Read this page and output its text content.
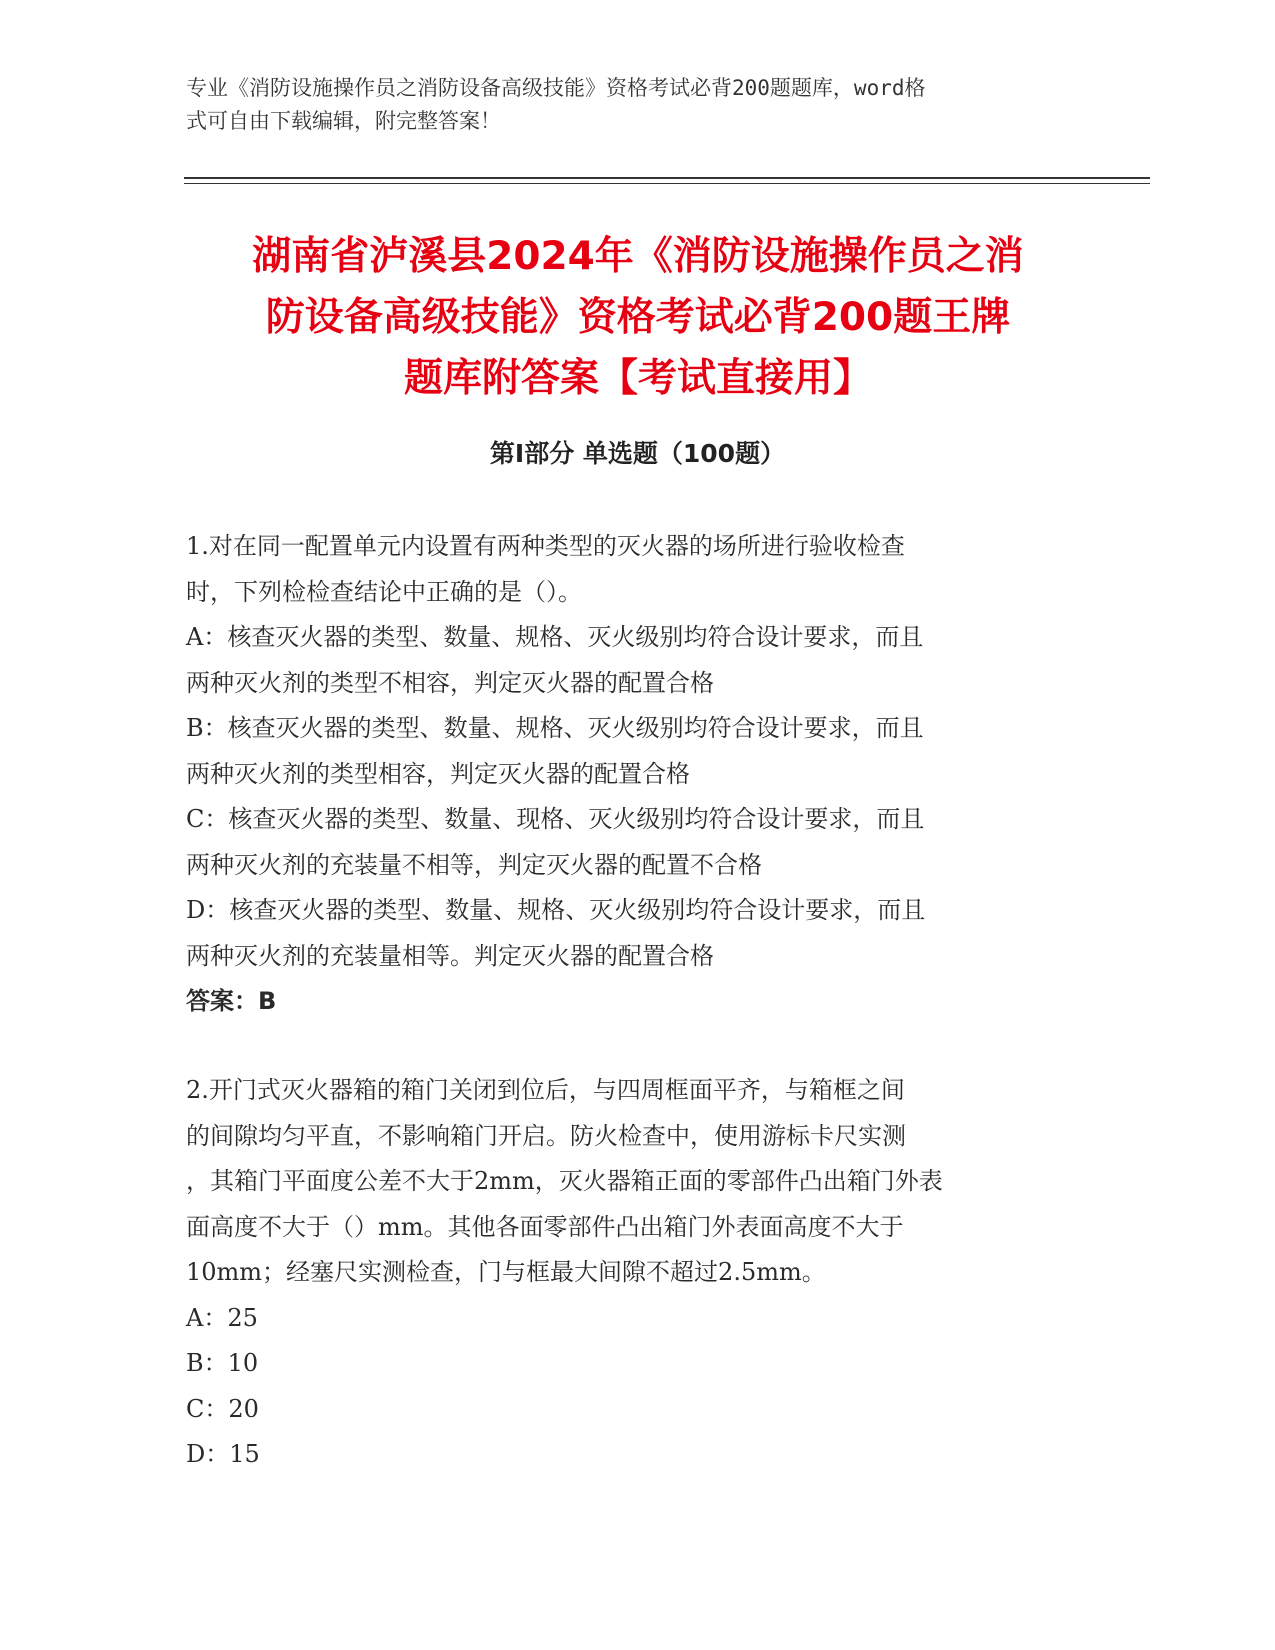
专业《消防设施操作员之消防设备高级技能》资格考试必背200题题库，word格
式可自由下载编辑，附完整答案！
湖南省泸溪县2024年《消防设施操作员之消
防设备高级技能》资格考试必背200题王牌
题库附答案【考试直接用】
第I部分 单选题（100题）
1.对在同一配置单元内设置有两种类型的灭火器的场所进行验收检查
时，下列检检查结论中正确的是（）。
A：核查灭火器的类型、数量、规格、灭火级别均符合设计要求，而且
两种灭火剂的类型不相容，判定灭火器的配置合格
B：核查灭火器的类型、数量、规格、灭火级别均符合设计要求，而且
两种灭火剂的类型相容，判定灭火器的配置合格
C：核查灭火器的类型、数量、现格、灭火级别均符合设计要求，而且
两种灭火剂的充装量不相等，判定灭火器的配置不合格
D：核查灭火器的类型、数量、规格、灭火级别均符合设计要求，而且
两种灭火剂的充装量相等。判定灭火器的配置合格
答案：B
2.开门式灭火器箱的箱门关闭到位后，与四周框面平齐，与箱框之间
的间隙均匀平直，不影响箱门开启。防火检查中，使用游标卡尺实测
，其箱门平面度公差不大于2mm，灭火器箱正面的零部件凸出箱门外表
面高度不大于（）mm。其他各面零部件凸出箱门外表面高度不大于
10mm；经塞尺实测检查，门与框最大间隙不超过2.5mm。
A：25
B：10
C：20
D：15
